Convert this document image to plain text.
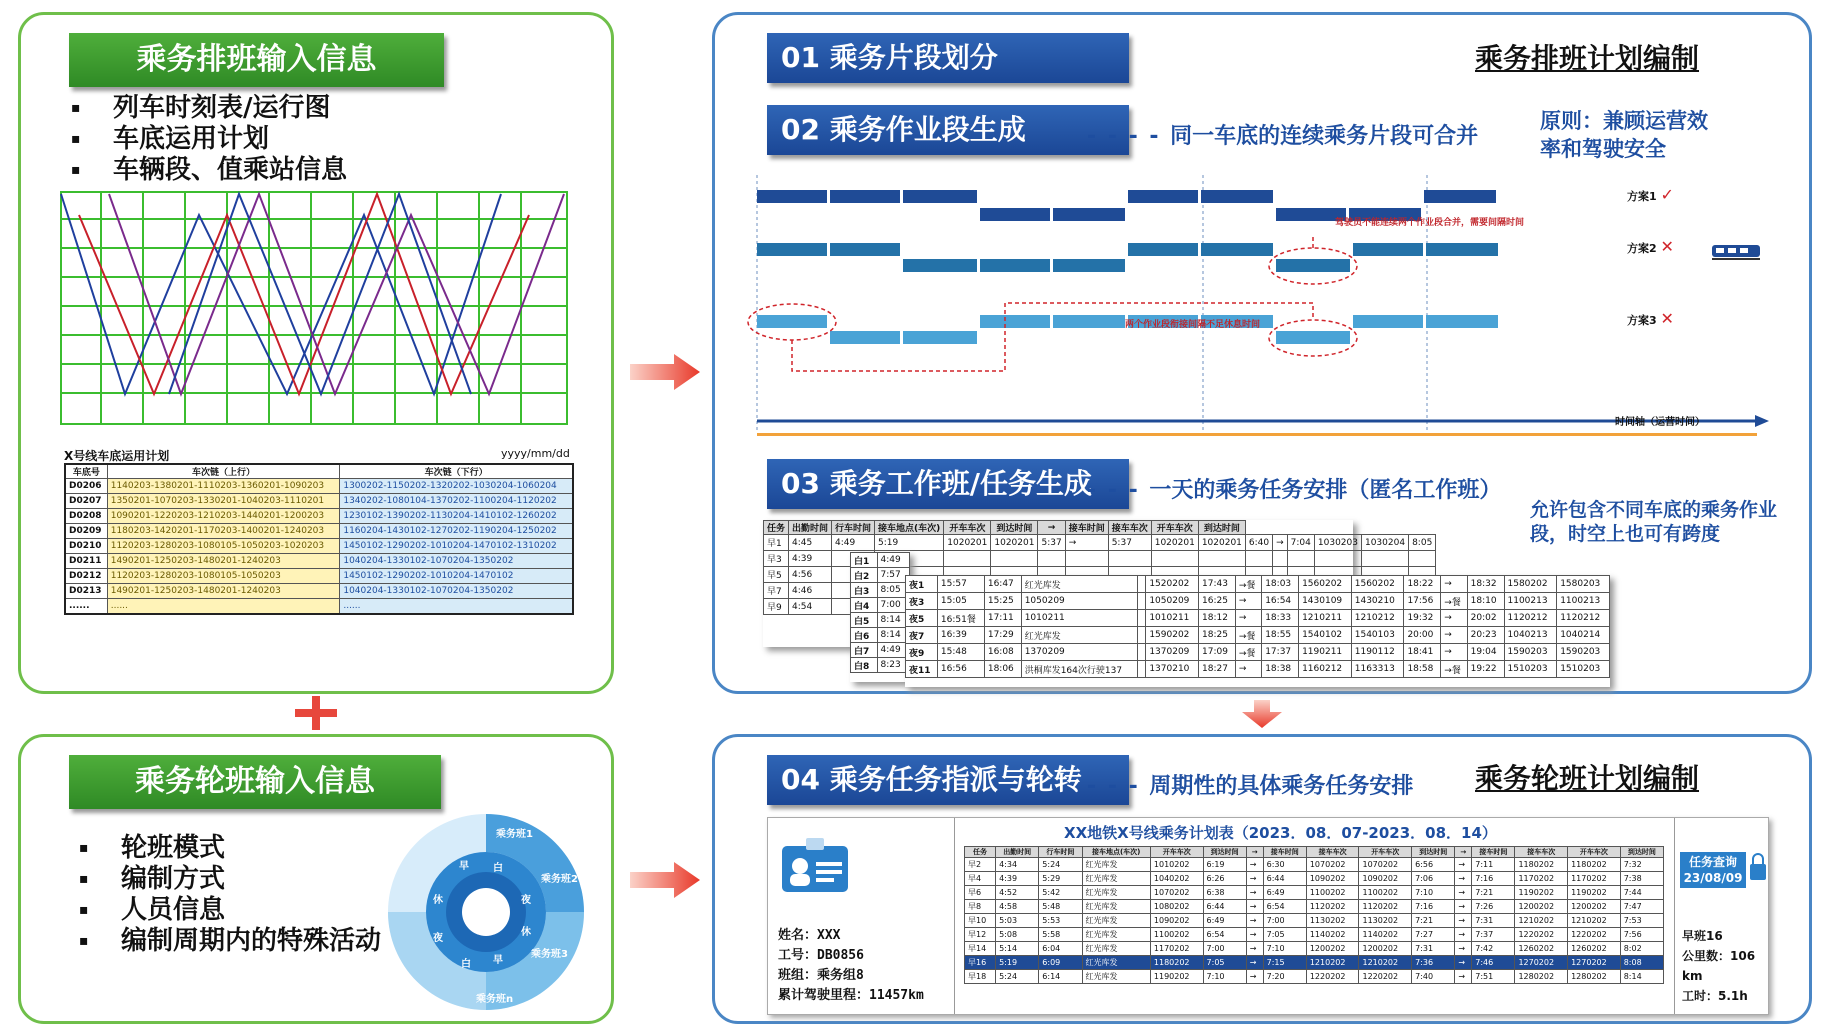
乘务排班输入信息
▪ 列车时刻表/运行图
▪ 车底运用计划
▪ 车辆段、值乘站信息
X号线车底运用计划	yyyy/mm/dd
车底号	车次链（上行）	车次链（下行）
D0206	1140203-1380201-1110203-1360201-1090203	1300202-1150202-1320202-1030204-1060204
D0207	1350201-1070203-1330201-1040203-1110201	1340202-1080104-1370202-1100204-1120202
D0208	1090201-1220203-1210203-1440201-1200203	1230102-1390202-1130204-1410102-1260202
D0209	1180203-1420201-1170203-1400201-1240203	1160204-1430102-1270202-1190204-1250202
D0210	1120203-1280203-1080105-1050203-1020203	1450102-1290202-1010204-1470102-1310202
D0211	1490201-1250203-1480201-1240203	1040204-1330102-1070204-1350202
D0212	1120203-1280203-1080105-1050203	1450102-1290202-1010204-1470102
D0213	1490201-1250203-1480201-1240203	1040204-1330102-1070204-1350202
......	......	......
乘务轮班输入信息
▪ 轮班模式
▪ 编制方式
▪ 人员信息
▪ 编制周期内的特殊活动
乘务班1
乘务班2
乘务班3
乘务班n
白
夜
休
早
白
夜
休
早
乘务排班计划编制
01 乘务片段划分
02 乘务作业段生成	- - - - 同一车底的连续乘务片段可合并
原则：兼顾运营效率和驾驶安全
驾驶员不能连续两个作业段合并，需要间隔时间
两个作业段衔接间隔不足休息时间
方案1 ✓
方案2 ✕
方案3 ✕
时间轴（运营时间）
03 乘务工作班/任务生成
- - - 一天的乘务任务安排（匿名工作班）
允许包含不同车底的乘务作业段，时空上也可有跨度
任务	出勤时间	行车时间	接车地点(车次)	开车车次	到达时间	→	接车时间	接车车次	开车车次	到达时间						
早1	4:45	4:49	5:19	1020201	1020201	5:37	→	5:37	1020201	1020201	6:40	→	7:04	1030203	1030204	8:05
早3	4:39															
早5	4:56															
早7	4:46															
早9	4:54															
白1	4:49
白2	7:57
白3	8:05
白4	7:00
白5	8:14
白6	8:14
白7	4:49
白8	8:23
夜1	15:57	16:47	红光库发		1520202	17:43	→餐	18:03	1560202	1560202	18:22	→	18:32	1580202	1580203
夜3	15:05	15:25	1050209		1050209	16:25	→	16:54	1430109	1430210	17:56	→餐	18:10	1100213	1100213
夜5	16:51餐	17:11	1010211		1010211	18:12	→	18:33	1210211	1210212	19:32	→	20:02	1120212	1120212
夜7	16:39	17:29	红光库发		1590202	18:25	→餐	18:55	1540102	1540103	20:00	→	20:23	1040213	1040214
夜9	15:48	16:08	1370209		1370209	17:09	→餐	17:37	1190211	1190112	18:41	→	19:04	1590203	1590203
夜11	16:56	18:06	洪桐库发164次行驶137		1370210	18:27	→	18:38	1160212	1163313	18:58	→餐	19:22	1510203	1510203
乘务轮班计划编制
04 乘务任务指派与轮转 - - - 周期性的具体乘务任务安排
姓名：XXX
工号：DB0856
班组：乘务组8
累计驾驶里程：11457km
XX地铁X号线乘务计划表（2023．08．07-2023．08．14）
任务	出勤时间	行车时间	接车地点(车次)	开车车次	到达时间	→	接车时间	接车车次	开车车次	到达时间	→	接车时间	接车车次	开车车次	到达时间
早2	4:34	5:24	红光库发	1010202	6:19	→	6:30	1070202	1070202	6:56	→	7:11	1180202	1180202	7:32
早4	4:39	5:29	红光库发	1040202	6:26	→	6:44	1090202	1090202	7:06	→	7:16	1170202	1170202	7:38
早6	4:52	5:42	红光库发	1070202	6:38	→	6:49	1100202	1100202	7:10	→	7:21	1190202	1190202	7:44
早8	4:58	5:48	红光库发	1080202	6:44	→	6:54	1120202	1120202	7:16	→	7:26	1200202	1200202	7:47
早10	5:03	5:53	红光库发	1090202	6:49	→	7:00	1130202	1130202	7:21	→	7:31	1210202	1210202	7:53
早12	5:08	5:58	红光库发	1100202	6:54	→	7:05	1140202	1140202	7:27	→	7:37	1220202	1220202	7:56
早14	5:14	6:04	红光库发	1170202	7:00	→	7:10	1200202	1200202	7:31	→	7:42	1260202	1260202	8:02
早16	5:19	6:09	红光库发	1180202	7:05	→	7:15	1210202	1210202	7:36	→	7:46	1270202	1270202	8:08
早18	5:24	6:14	红光库发	1190202	7:10	→	7:20	1220202	1220202	7:40	→	7:51	1280202	1280202	8:14
任务查询
23/08/09
早班16
公里数：106 km
工时：5.1h
